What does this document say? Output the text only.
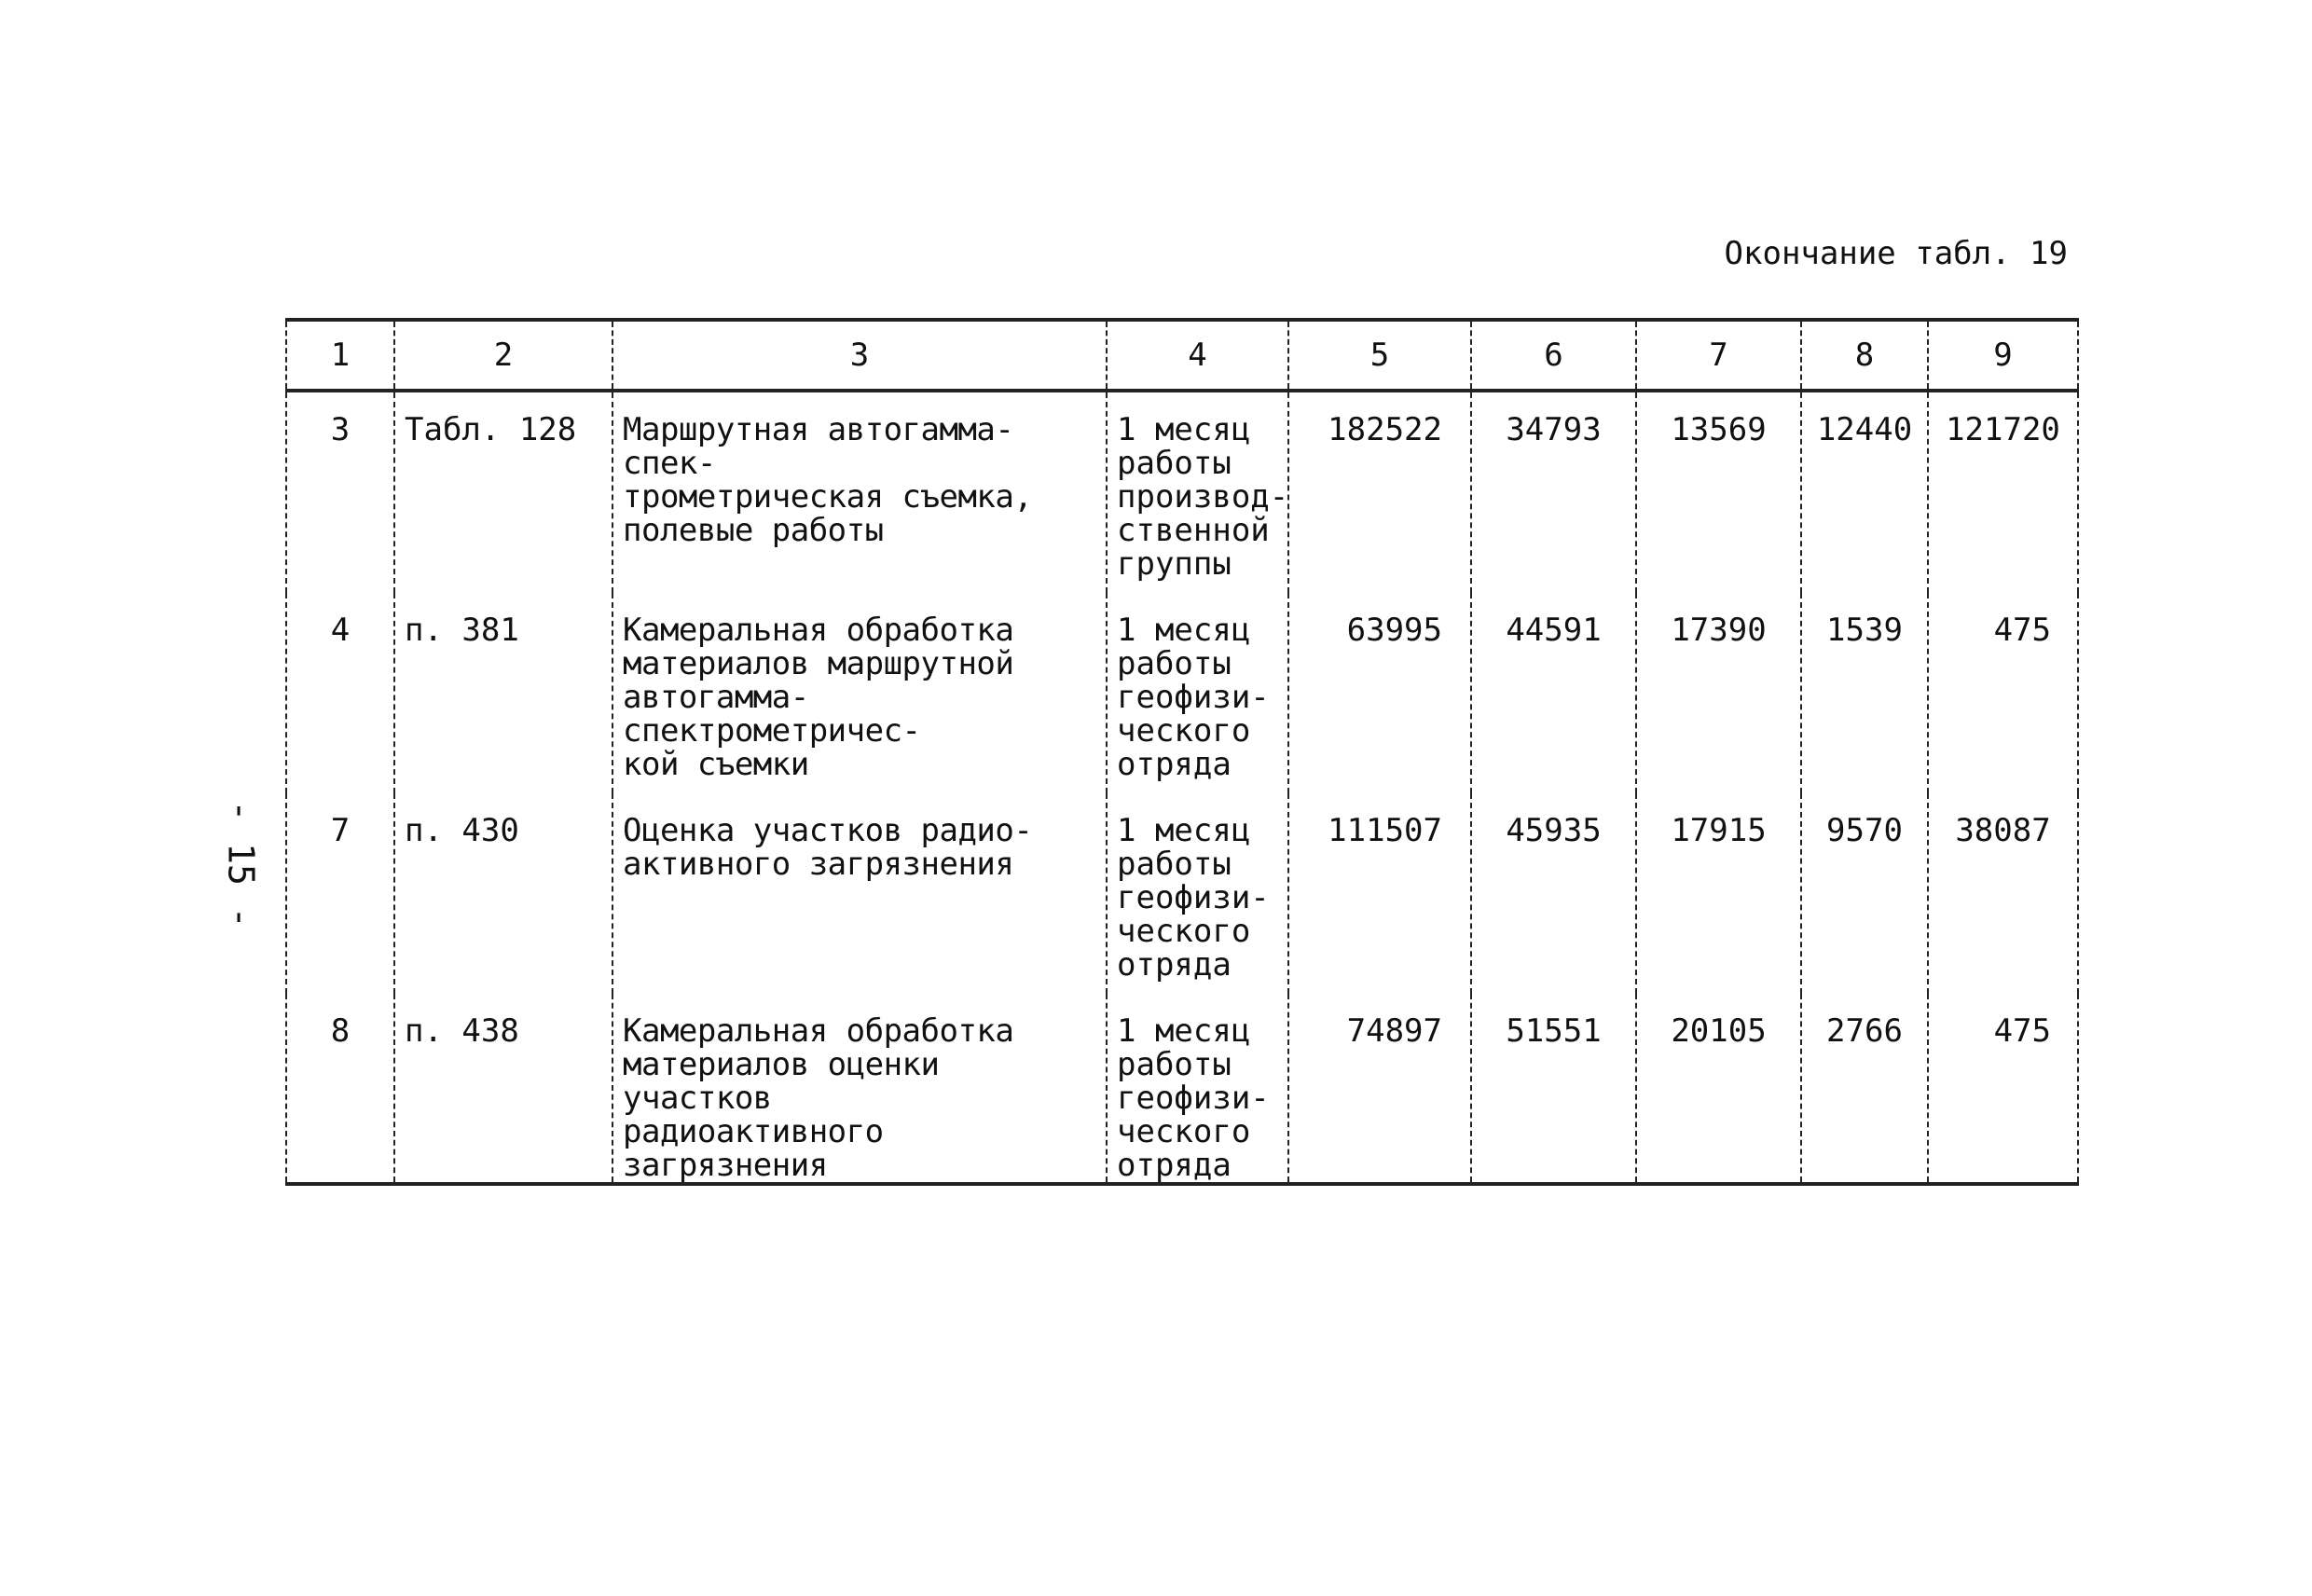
Окончание табл. 19
- 15 -
1	2	3	4	5	6	7	8	9
3	Табл. 128	Маршрутная автогамма-спек-
трометрическая съемка,
полевые работы	1 месяц
работы
производ-
ственной
группы	182522	34793	13569	12440	121720
4	п. 381	Камеральная обработка
материалов маршрутной
автогамма-спектрометричес-
кой съемки	1 месяц
работы
геофизи-
ческого
отряда	63995	44591	17390	1539	475
7	п. 430	Оценка участков радио-
активного загрязнения	1 месяц
работы
геофизи-
ческого
отряда	111507	45935	17915	9570	38087
8	п. 438	Камеральная обработка
материалов оценки участков
радиоактивного загрязнения	1 месяц
работы
геофизи-
ческого
отряда	74897	51551	20105	2766	475
